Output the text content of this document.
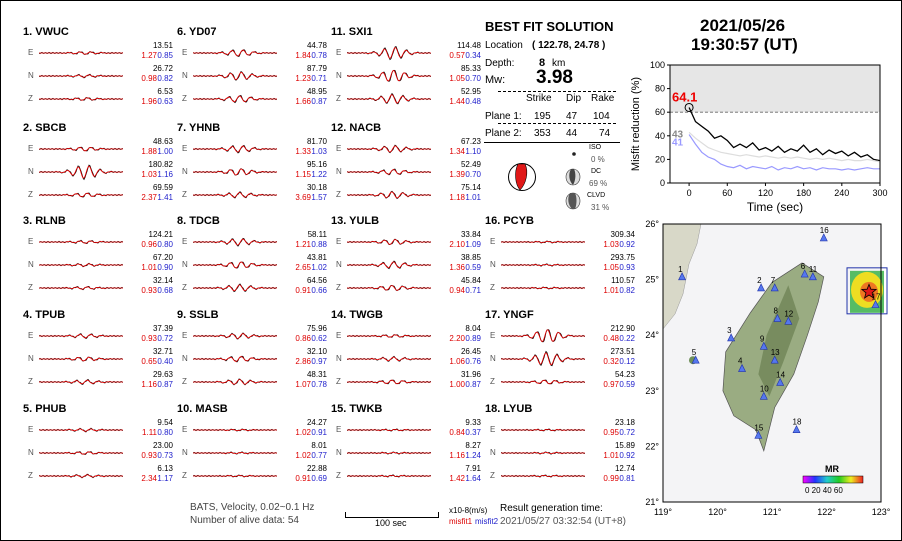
1. VWUC
E
13.51
1.27 0.85
N
26.72
0.98 0.82
Z
6.53
1.96 0.63
2. SBCB
E
48.63
1.88 1.00
N
180.82
1.03 1.16
Z
69.59
2.37 1.41
3. RLNB
E
124.21
0.96 0.80
N
67.20
1.01 0.90
Z
32.14
0.93 0.68
4. TPUB
E
37.39
0.93 0.72
N
32.71
0.65 0.40
Z
29.63
1.16 0.87
5. PHUB
E
9.54
1.11 0.80
N
23.00
0.93 0.73
Z
6.13
2.34 1.17
6. YD07
E
44.78
1.84 0.78
N
87.79
1.23 0.71
Z
48.95
1.66 0.87
7. YHNB
E
81.70
1.33 1.03
N
95.16
1.15 1.22
Z
30.18
3.69 1.57
8. TDCB
E
58.11
1.21 0.88
N
43.81
2.65 1.02
Z
64.56
0.91 0.66
9. SSLB
E
75.96
0.86 0.62
N
32.10
2.86 0.97
Z
48.31
1.07 0.78
10. MASB
E
24.27
1.02 0.91
N
8.01
1.02 0.77
Z
22.88
0.91 0.69
11. SXI1
E
114.48
0.57 0.34
N
85.33
1.05 0.70
Z
52.95
1.44 0.48
12. NACB
E
67.23
1.34 1.10
N
52.49
1.39 0.70
Z
75.14
1.18 1.01
13. YULB
E
33.84
2.10 1.09
N
38.85
1.36 0.59
Z
45.84
0.94 0.71
14. TWGB
E
8.04
2.20 0.89
N
26.45
1.06 0.76
Z
31.96
1.00 0.87
15. TWKB
E
9.33
0.84 0.37
N
8.27
1.16 1.24
Z
7.91
1.42 1.64
16. PCYB
E
309.34
1.03 0.92
N
293.75
1.05 0.93
Z
110.57
1.01 0.82
17. YNGF
E
212.90
0.48 0.22
N
273.51
0.32 0.12
Z
54.23
0.97 0.59
18. LYUB
E
23.18
0.95 0.72
N
15.89
1.01 0.92
Z
12.74
0.99 0.81
BATS, Velocity, 0.02~0.1 Hz
Number of alive data: 54	100 sec
x10-8(m/s)
misfit1 misfit2
Result generation time:
2021/05/27 03:32:54 (UT+8)
BEST FIT SOLUTION
Location ( 122.78, 24.78 )
Depth: 8 km
Mw: 3.98
Strike Dip Rake
Plane 1: 195 47 104
Plane 2: 353 44 74
ISO
0 %
DC
69 %
CLVD
31 %
2021/05/26
19:30:57 (UT)
0
20
40
60
80
100
0	60	120	180	240	300
Time (sec)
Misfit reduction (%) 64.1
43
41
1
2
3
4
5
6
7
8
9
10
11
12
13
14
15
16
17
18
26°
25°
24°
23°
22°
21°
119°	120°	121°	122°	123°
MR
0 20 40 60
